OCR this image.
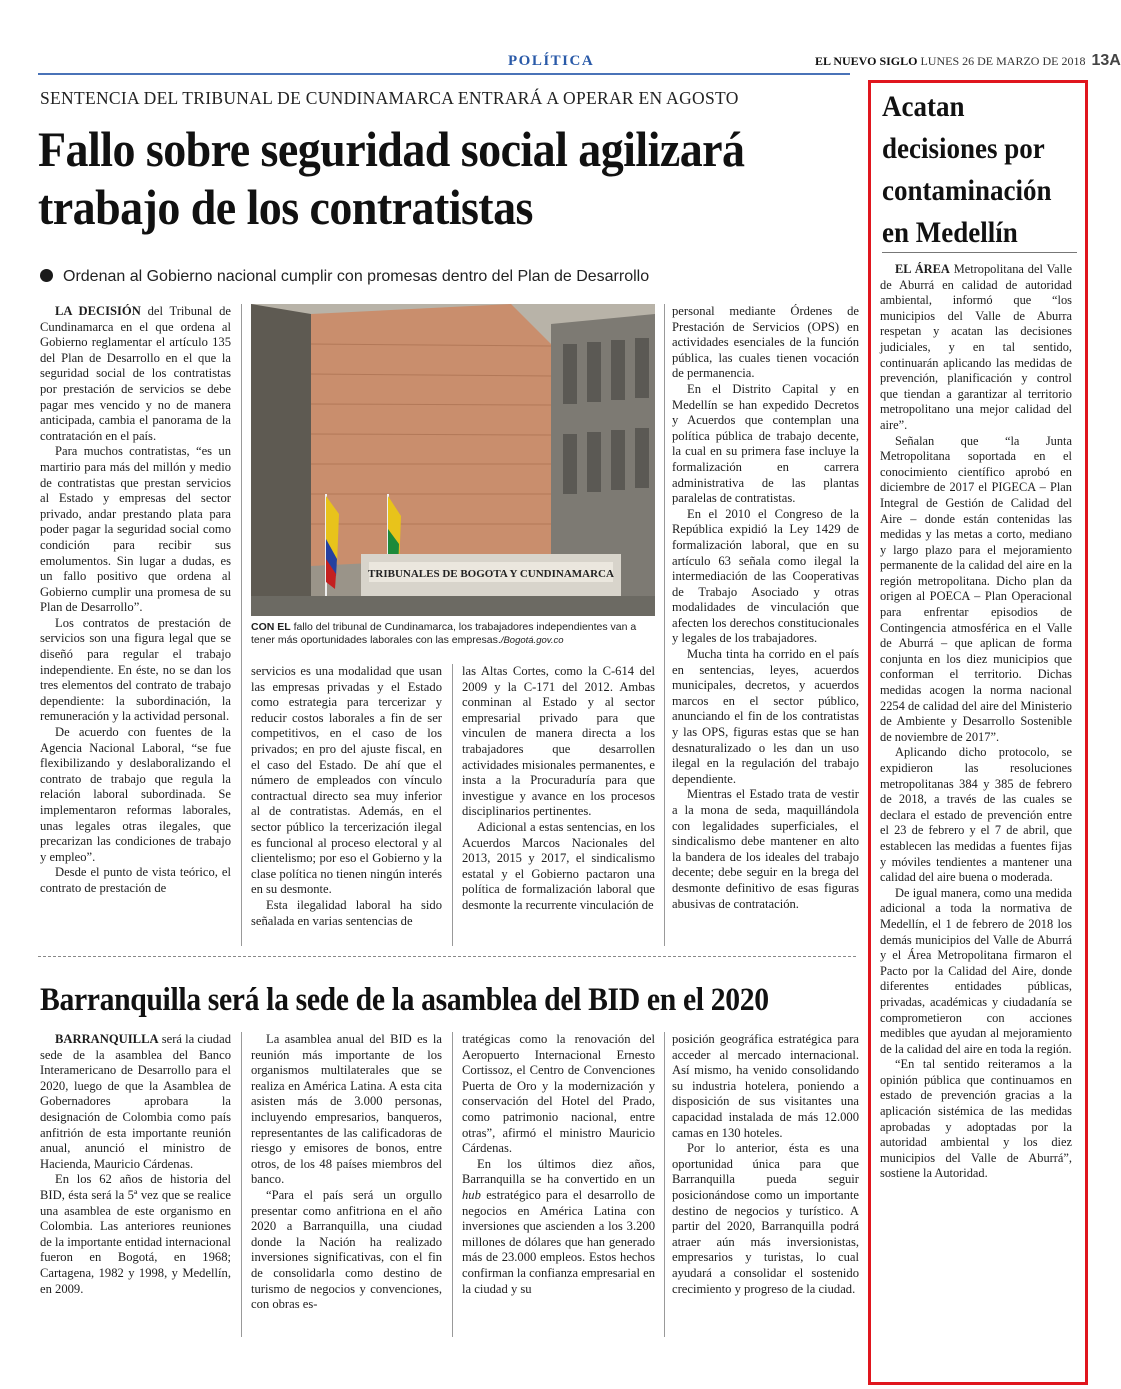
POLÍTICA	EL NUEVO SIGLO LUNES 26 DE MARZO DE 2018 13A
SENTENCIA DEL TRIBUNAL DE CUNDINAMARCA ENTRARÁ A OPERAR EN AGOSTO
Fallo sobre seguridad social agilizará trabajo de los contratistas
Ordenan al Gobierno nacional cumplir con promesas dentro del Plan de Desarrollo

LA DECISIÓN del Tribunal de Cundinamarca en el que ordena al Gobierno reglamentar el artículo 135 del Plan de Desarrollo en el que la seguridad social de los contratistas por prestación de servicios se debe pagar mes vencido y no de manera anticipada, cambia el panorama de la contratación en el país.

Para muchos contratistas, “es un martirio para más del millón y medio de contratistas que prestan servicios al Estado y empresas del sector privado, andar prestando plata para poder pagar la seguridad social como condición para recibir sus emolumentos. Sin lugar a dudas, es un fallo positivo que ordena al Gobierno cumplir una promesa de su Plan de Desarrollo”.

Los contratos de prestación de servicios son una figura legal que se diseñó para regular el trabajo independiente. En éste, no se dan los tres elementos del contrato de trabajo dependiente: la subordinación, la remuneración y la actividad personal.

De acuerdo con fuentes de la Agencia Nacional Laboral, “se fue flexibilizando y deslaboralizando el contrato de trabajo que regula la relación laboral subordinada. Se implementaron reformas laborales, unas legales otras ilegales, que precarizan las condiciones de trabajo y empleo”.

Desde el punto de vista teórico, el contrato de prestación de

TRIBUNALES DE BOGOTA Y CUNDINAMARCA
CON EL fallo del tribunal de Cundinamarca, los trabajadores independientes van a tener más oportunidades laborales con las empresas./Bogotá.gov.co

servicios es una modalidad que usan las empresas privadas y el Estado como estrategia para tercerizar y reducir costos laborales a fin de ser competitivos, en el caso de los privados; en pro del ajuste fiscal, en el caso del Estado. De ahí que el número de empleados con vínculo contractual directo sea muy inferior al de contratistas. Además, en el sector público la tercerización ilegal es funcional al proceso electoral y al clientelismo; por eso el Gobierno y la clase política no tienen ningún interés en su desmonte.

Esta ilegalidad laboral ha sido señalada en varias sentencias de

las Altas Cortes, como la C-614 del 2009 y la C-171 del 2012. Ambas conminan al Estado y al sector empresarial privado para que vinculen de manera directa a los trabajadores que desarrollen actividades misionales permanentes, e insta a la Procuraduría para que investigue y avance en los procesos disciplinarios pertinentes.

Adicional a estas sentencias, en los Acuerdos Marcos Nacionales del 2013, 2015 y 2017, el sindicalismo estatal y el Gobierno pactaron una política de formalización laboral que desmonte la recurrente vinculación de

personal mediante Órdenes de Prestación de Servicios (OPS) en actividades esenciales de la función pública, las cuales tienen vocación de permanencia.

En el Distrito Capital y en Medellín se han expedido Decretos y Acuerdos que contemplan una política pública de trabajo decente, la cual en su primera fase incluye la formalización en carrera administrativa de las plantas paralelas de contratistas.

En el 2010 el Congreso de la República expidió la Ley 1429 de formalización laboral, que en su artículo 63 señala como ilegal la intermediación de las Cooperativas de Trabajo Asociado y otras modalidades de vinculación que afecten los derechos constitucionales y legales de los trabajadores.

Mucha tinta ha corrido en el país en sentencias, leyes, acuerdos municipales, decretos, y acuerdos marcos en el sector público, anunciando el fin de los contratistas y las OPS, figuras estas que se han desnaturalizado o les dan un uso ilegal en la regulación del trabajo dependiente.

Mientras el Estado trata de vestir a la mona de seda, maquillándola con legalidades superficiales, el sindicalismo debe mantener en alto la bandera de los ideales del trabajo decente; debe seguir en la brega del desmonte definitivo de esas figuras abusivas de contratación.

Barranquilla será la sede de la asamblea del BID en el 2020

BARRANQUILLA será la ciudad sede de la asamblea del Banco Interamericano de Desarrollo para el 2020, luego de que la Asamblea de Gobernadores aprobara la designación de Colombia como país anfitrión de esta importante reunión anual, anunció el ministro de Hacienda, Mauricio Cárdenas.

En los 62 años de historia del BID, ésta será la 5ª vez que se realice una asamblea de este organismo en Colombia. Las anteriores reuniones de la importante entidad internacional fueron en Bogotá, en 1968; Cartagena, 1982 y 1998, y Medellín, en 2009.

La asamblea anual del BID es la reunión más importante de los organismos multilaterales que se realiza en América Latina. A esta cita asisten más de 3.000 personas, incluyendo empresarios, banqueros, representantes de las calificadoras de riesgo y emisores de bonos, entre otros, de los 48 países miembros del banco.

“Para el país será un orgullo presentar como anfitriona en el año 2020 a Barranquilla, una ciudad donde la Nación ha realizado inversiones significativas, con el fin de consolidarla como destino de turismo de negocios y convenciones, con obras es-

tratégicas como la renovación del Aeropuerto Internacional Ernesto Cortissoz, el Centro de Convenciones Puerta de Oro y la modernización y conservación del Hotel del Prado, como patrimonio nacional, entre otras”, afirmó el ministro Mauricio Cárdenas.

En los últimos diez años, Barranquilla se ha convertido en un hub estratégico para el desarrollo de negocios en América Latina con inversiones que ascienden a los 3.200 millones de dólares que han generado más de 23.000 empleos. Estos hechos confirman la confianza empresarial en la ciudad y su

posición geográfica estratégica para acceder al mercado internacional. Así mismo, ha venido consolidando su industria hotelera, poniendo a disposición de sus visitantes una capacidad instalada de más 12.000 camas en 130 hoteles.

Por lo anterior, ésta es una oportunidad única para que Barranquilla pueda seguir posicionándose como un importante destino de negocios y turístico. A partir del 2020, Barranquilla podrá atraer aún más inversionistas, empresarios y turistas, lo cual ayudará a consolidar el sostenido crecimiento y progreso de la ciudad.

Acatan decisiones por contaminación en Medellín

EL ÁREA Metropolitana del Valle de Aburrá en calidad de autoridad ambiental, informó que “los municipios del Valle de Aburra respetan y acatan las decisiones judiciales, y en tal sentido, continuarán aplicando las medidas de prevención, planificación y control que tiendan a garantizar al territorio metropolitano una mejor calidad del aire”.

Señalan que “la Junta Metropolitana soportada en el conocimiento científico aprobó en diciembre de 2017 el PIGECA – Plan Integral de Gestión de Calidad del Aire – donde están contenidas las medidas y las metas a corto, mediano y largo plazo para el mejoramiento permanente de la calidad del aire en la región metropolitana. Dicho plan da origen al POECA – Plan Operacional para enfrentar episodios de Contingencia atmosférica en el Valle de Aburrá – que aplican de forma conjunta en los diez municipios que conforman el territorio. Dichas medidas acogen la norma nacional 2254 de calidad del aire del Ministerio de Ambiente y Desarrollo Sostenible de noviembre de 2017”.

Aplicando dicho protocolo, se expidieron las resoluciones metropolitanas 384 y 385 de febrero de 2018, a través de las cuales se declara el estado de prevención entre el 23 de febrero y el 7 de abril, que establecen las medidas a fuentes fijas y móviles tendientes a mantener una calidad del aire buena o moderada.

De igual manera, como una medida adicional a toda la normativa de Medellín, el 1 de febrero de 2018 los demás municipios del Valle de Aburrá y el Área Metropolitana firmaron el Pacto por la Calidad del Aire, donde diferentes entidades públicas, privadas, académicas y ciudadanía se comprometieron con acciones medibles que ayudan al mejoramiento de la calidad del aire en toda la región.

“En tal sentido reiteramos a la opinión pública que continuamos en estado de prevención gracias a la aplicación sistémica de las medidas aprobadas y adoptadas por la autoridad ambiental y los diez municipios del Valle de Aburrá”, sostiene la Autoridad.
